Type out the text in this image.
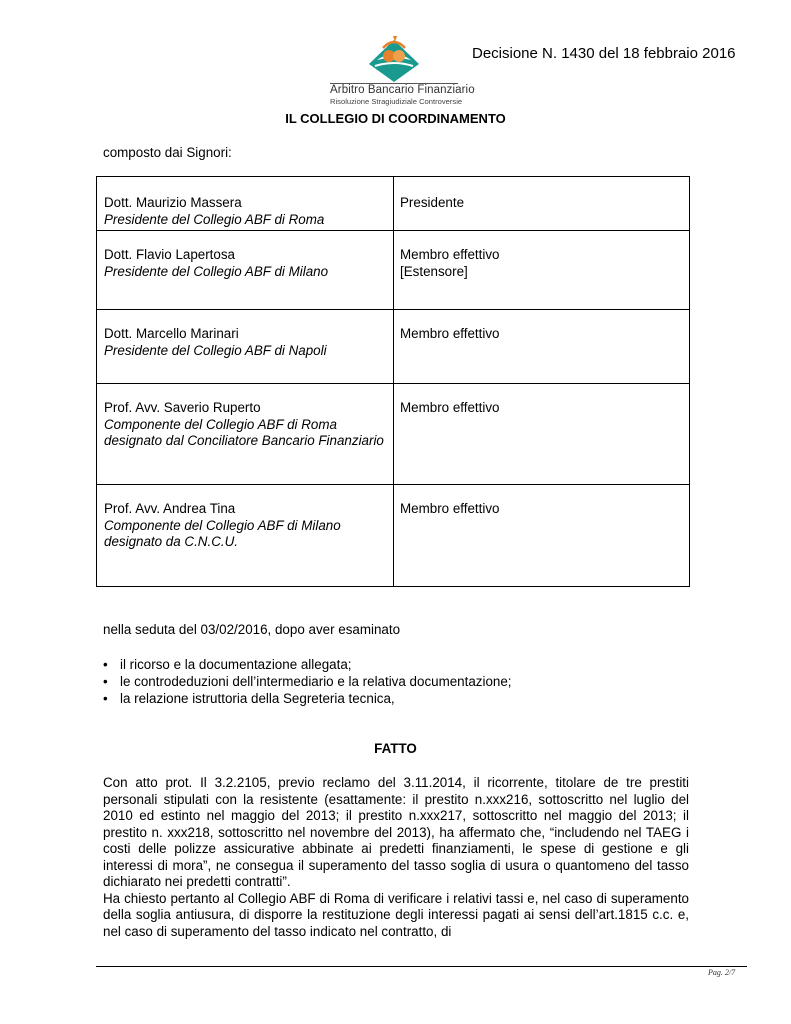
Arbitro Bancario Finanziario
Risoluzione Stragiudiziale Controversie
Decisione N. 1430 del 18 febbraio 2016
IL COLLEGIO DI COORDINAMENTO
composto dai Signori:
Dott. Maurizio Massera
Presidente del Collegio ABF di Roma
Presidente
Dott. Flavio Lapertosa
Presidente del Collegio ABF di Milano
Membro effettivo
[Estensore]
Dott. Marcello Marinari
Presidente del Collegio ABF di Napoli
Membro effettivo
Prof. Avv. Saverio Ruperto
Componente del Collegio ABF di Roma designato dal Conciliatore Bancario Finanziario
Membro effettivo
Prof. Avv. Andrea Tina
Componente del Collegio ABF di Milano designato da C.N.C.U.
Membro effettivo
nella seduta del 03/02/2016, dopo aver esaminato
• il ricorso e la documentazione allegata;
• le controdeduzioni dell’intermediario e la relativa documentazione;
• la relazione istruttoria della Segreteria tecnica,
FATTO

Con atto prot. Il 3.2.2105, previo reclamo del 3.11.2014, il ricorrente, titolare de tre prestiti personali stipulati con la resistente (esattamente: il prestito n.xxx216, sottoscritto nel luglio del 2010 ed estinto nel maggio del 2013; il prestito n.xxx217, sottoscritto nel maggio del 2013; il prestito n. xxx218, sottoscritto nel novembre del 2013), ha affermato che, “includendo nel TAEG i costi delle polizze assicurative abbinate ai predetti finanziamenti, le spese di gestione e gli interessi di mora”, ne consegua il superamento del tasso soglia di usura o quantomeno del tasso dichiarato nei predetti contratti”.

Ha chiesto pertanto al Collegio ABF di Roma di verificare i relativi tassi e, nel caso di superamento della soglia antiusura, di disporre la restituzione degli interessi pagati ai sensi dell’art.1815 c.c. e, nel caso di superamento del tasso indicato nel contratto, di

Pag. 2/7
